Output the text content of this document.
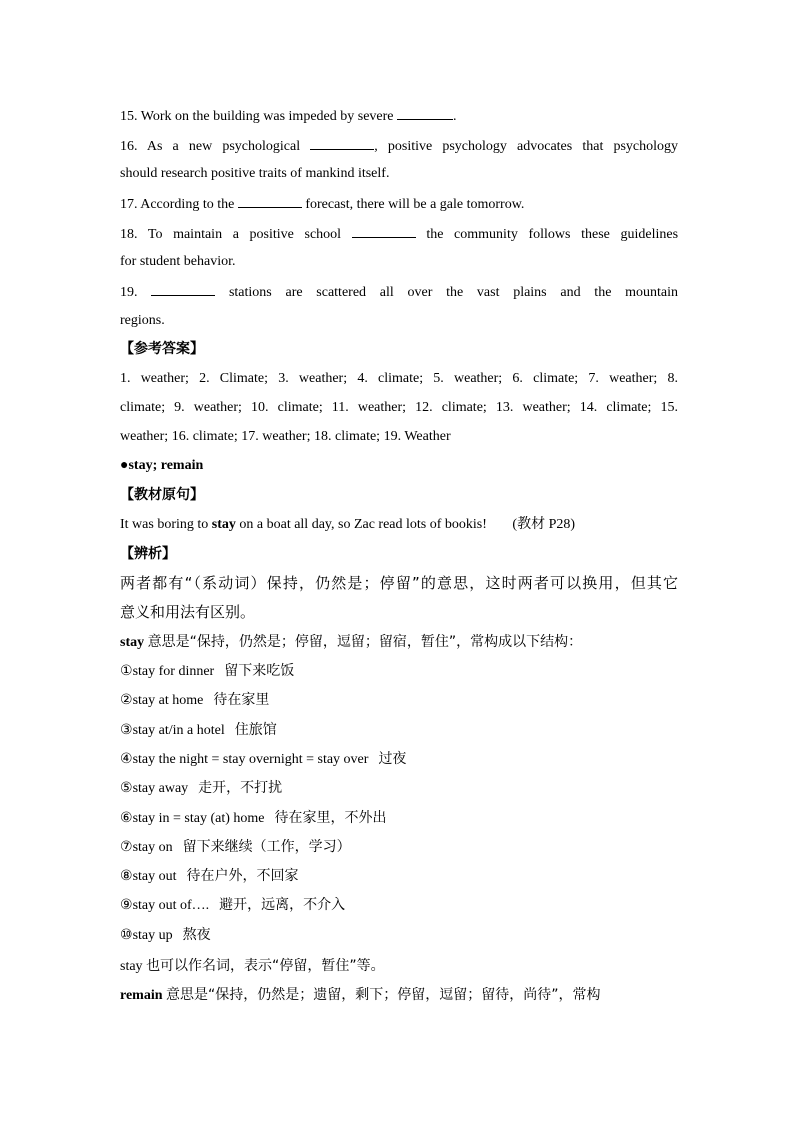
15. Work on the building was impeded by severe	.
16. As a new psychological	, positive psychology advocates that psychology
should research positive traits of mankind itself.
17. According to the	forecast, there will be a gale tomorrow.
18. To maintain a positive school	the community follows these guidelines
for student behavior.
19.	stations are scattered all over the vast plains and the mountain
regions.
【参考答案】
1. weather; 2. Climate; 3. weather; 4. climate; 5. weather; 6. climate; 7. weather; 8.
climate; 9. weather; 10. climate; 11. weather; 12. climate; 13. weather; 14. climate; 15.
weather; 16. climate; 17. weather; 18. climate; 19. Weather
●stay; remain
【教材原句】
It was boring to stay on a boat all day, so Zac read lots of bookis! (教材 P28)
【辨析】
两者都有“（系动词）保持，仍然是；停留”的意思，这时两者可以换用，但其它
意义和用法有区别。
stay 意思是“保持，仍然是；停留，逗留；留宿，暂住”，常构成以下结构：
①stay for dinner 留下来吃饭
②stay at home 待在家里
③stay at/in a hotel 住旅馆
④stay the night = stay overnight = stay over 过夜
⑤stay away 走开，不打扰
⑥stay in = stay (at) home 待在家里，不外出
⑦stay on 留下来继续（工作，学习）
⑧stay out 待在户外，不回家
⑨stay out of…. 避开，远离，不介入
⑩stay up 熬夜
stay 也可以作名词，表示“停留，暂住”等。
remain 意思是“保持，仍然是；遗留，剩下；停留，逗留；留待，尚待”，常构
